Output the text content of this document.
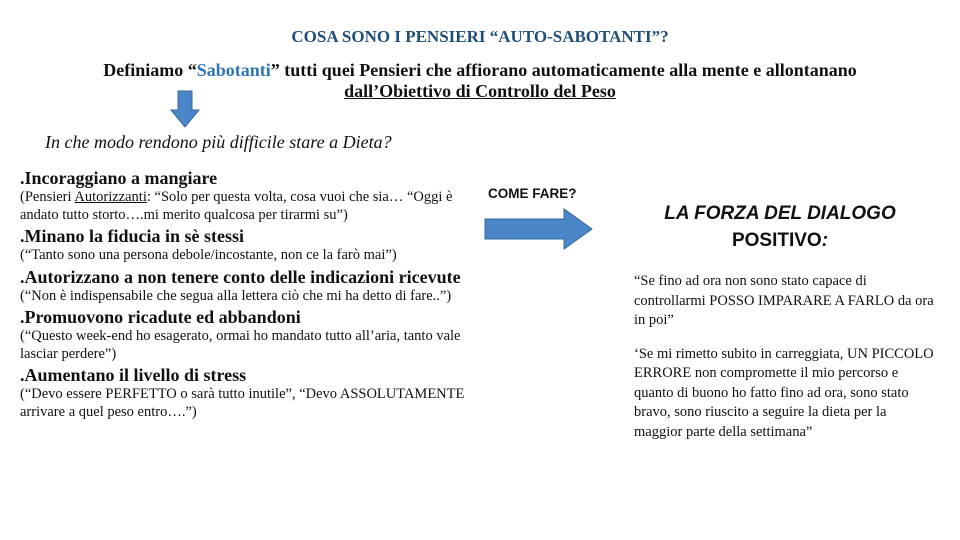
COSA SONO I PENSIERI “AUTO-SABOTANTI”?
Definiamo “Sabotanti” tutti quei Pensieri che affiorano automaticamente alla mente e allontanano
dall’Obiettivo di Controllo del Peso
In che modo rendono più difficile stare a Dieta?
.Incoraggiano a mangiare
(Pensieri Autorizzanti: “Solo per questa volta, cosa vuoi che sia… “Oggi è andato tutto storto….mi merito qualcosa per tirarmi su”)
.Minano la fiducia in sè stessi
(“Tanto sono una persona debole/incostante, non ce la farò mai”)
.Autorizzano a non tenere conto delle indicazioni ricevute
(“Non è indispensabile che segua alla lettera ciò che mi ha detto di fare..”)
.Promuovono ricadute ed abbandoni
(“Questo week-end ho esagerato, ormai ho mandato tutto all’aria, tanto vale lasciar perdere”)
.Aumentano il livello di stress
(“Devo essere PERFETTO o sarà tutto inutile”, “Devo ASSOLUTAMENTE arrivare a quel peso entro….”)
COME FARE?
LA FORZA DEL DIALOGO
POSITIVO:

“Se fino ad ora non sono stato capace di controllarmi POSSO IMPARARE A FARLO da ora in poi”

‘Se mi rimetto subito in carreggiata, UN PICCOLO ERRORE non compromette il mio percorso e quanto di buono ho fatto fino ad ora, sono stato bravo, sono riuscito a seguire la dieta per la maggior parte della settimana”
